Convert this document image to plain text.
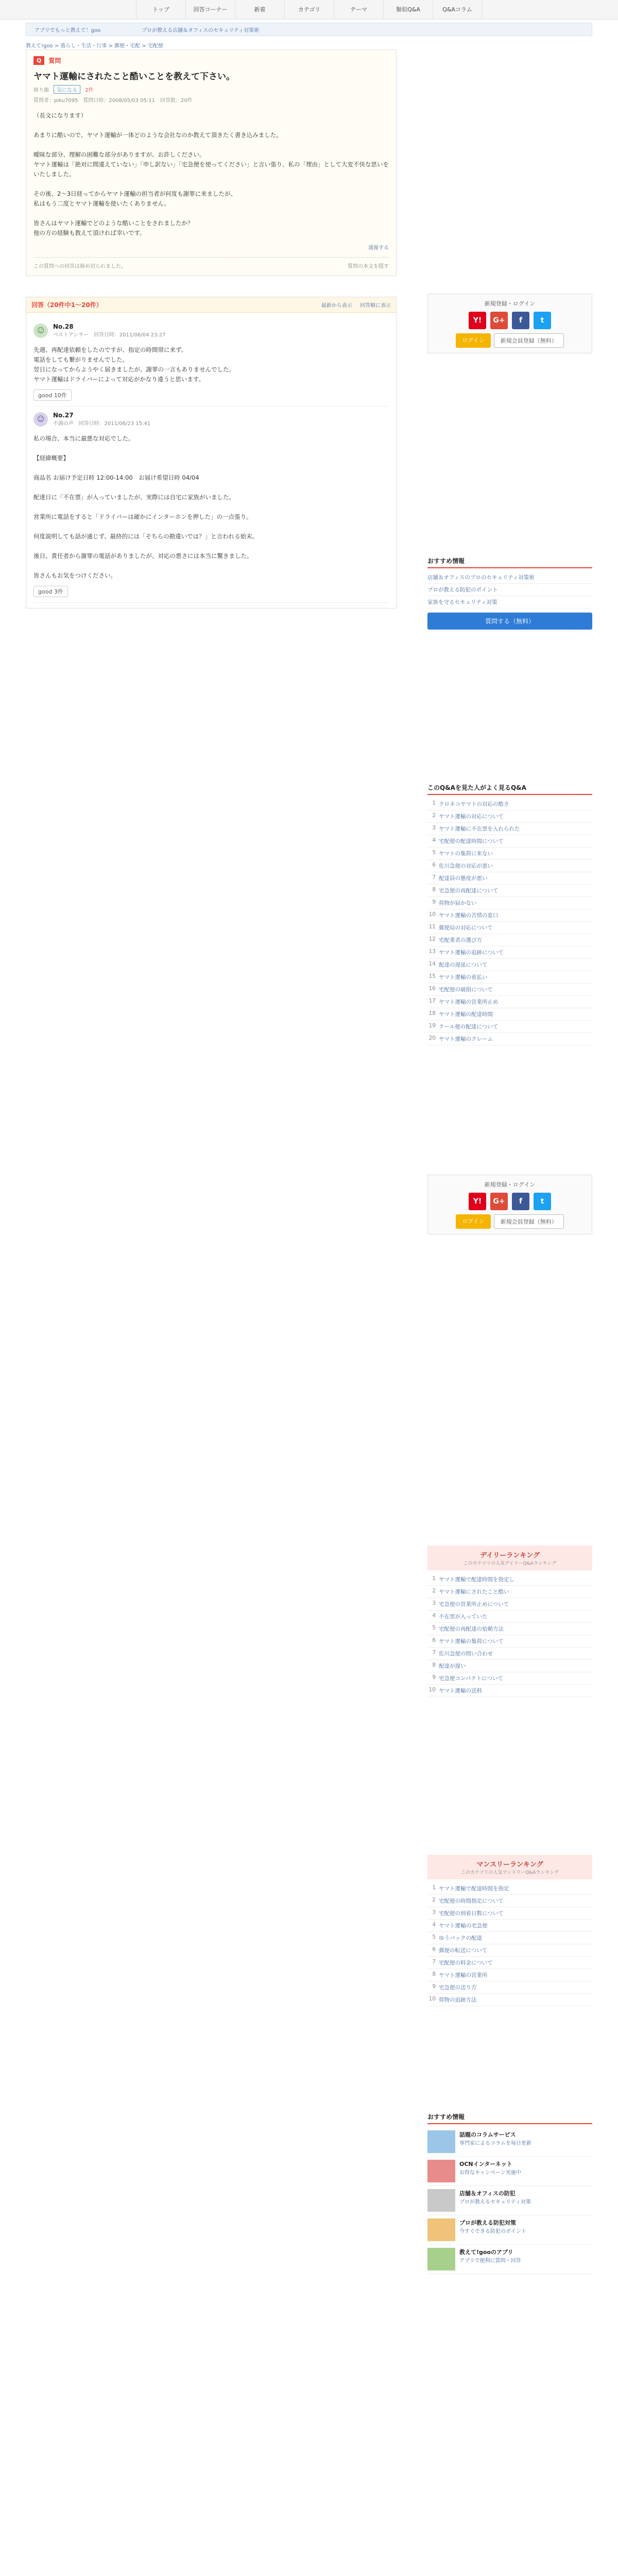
トップ	回答コーナー	新着	カテゴリ	テーマ	類似Q&A	Q&Aコラム
アプリでもっと教えて！goo	プロが教える店舗＆オフィスのセキュリティ対策術
教えて!goo > 暮らし・生活・行事 > 郵便・宅配 > 宅配便
Q	質問
ヤマト運輸にされたこと酷いことを教えて下さい。
困り顔 気になる 2件
質問者：piku7095　質問日時：2008/05/03 05:11　回答数：20件
（長文になります）

あまりに酷いので、ヤマト運輸が一体どのような会社なのか教えて頂きたく書き込みました。

曖昧な部分、理解の困難な部分がありますが、お許しください。
ヤマト運輸は「絶対に間違えていない」「申し訳ない」「宅急便を使ってください」と言い張り、私の「理由」として大変不快な思いをいたしました。

その後、2～3日経ってからヤマト運輸の担当者が何度も謝罪に来ましたが、
私はもう二度とヤマト運輸を使いたくありません。

皆さんはヤマト運輸でどのような酷いことをされましたか？
他の方の経験も教えて頂ければ幸いです。
通報する
この質問への回答は締め切られました。	質問の本文を隠す
回答（20件中1～20件）	最新から表示 回答順に表示
☺	No.28
ベストアンサー 回答日時：2011/06/04 23:27
先週、再配達依頼をしたのですが、指定の時間帯に来ず、
電話をしても繋がりませんでした。
翌日になってからようやく届きましたが、謝罪の一言もありませんでした。
ヤマト運輸はドライバーによって対応がかなり違うと思います。
good 10件
☺	No.27
不満の声 回答日時：2011/06/23 15:41
私の場合、本当に最悪な対応でした。

【経緯概要】

商品名 お届け予定日時 12:00-14:00　お届け希望日時 04/04

配達日に「不在票」が入っていましたが、実際には自宅に家族がいました。

営業所に電話をすると「ドライバーは確かにインターホンを押した」の一点張り。

何度説明しても話が通じず、最終的には「そちらの勘違いでは？」と言われる始末。

後日、責任者から謝罪の電話がありましたが、対応の悪さには本当に驚きました。

皆さんもお気をつけください。
good 3件
新規登録・ログイン
Y!	G+	f	t
ログイン	新規会員登録（無料）
おすすめ情報
店舗＆オフィスのプロのセキュリティ対策術
プロが教える防犯のポイント
家族を守るセキュリティ対策
質問する（無料）
このQ&Aを見た人がよく見るQ&A
1 クロネコヤマトの対応の酷さ
2 ヤマト運輸の対応について
3 ヤマト運輸に不在票を入れられた
4 宅配便の配達時間について
5 ヤマトの集荷に来ない
6 佐川急便の対応が悪い
7 配達員の態度が悪い
8 宅急便の再配達について
9 荷物が届かない
10 ヤマト運輸の苦情の窓口
11 郵便局の対応について
12 宅配業者の選び方
13 ヤマト運輸の追跡について
14 配達の遅延について
15 ヤマト運輸の着払い
16 宅配便の破損について
17 ヤマト運輸の営業所止め
18 ヤマト運輸の配達時間
19 クール便の配達について
20 ヤマト運輸のクレーム
新規登録・ログイン
Y!	G+	f	t
ログイン	新規会員登録（無料）
デイリーランキング
このカテゴリの人気デイリーQ&Aランキング
1 ヤマト運輸で配達時間を指定し
2 ヤマト運輸にされたこと酷い
3 宅急便の営業所止めについて
4 不在票が入っていた
5 宅配便の再配達の依頼方法
6 ヤマト運輸の集荷について
7 佐川急便の問い合わせ
8 配達が遅い
9 宅急便コンパクトについて
10 ヤマト運輸の送料
マンスリーランキング
このカテゴリの人気マンスリーQ&Aランキング
1 ヤマト運輸で配達時間を指定
2 宅配便の時間指定について
3 宅配便の到着日数について
4 ヤマト運輸の宅急便
5 ゆうパックの配達
6 郵便の転送について
7 宅配便の料金について
8 ヤマト運輸の営業所
9 宅急便の送り方
10 荷物の追跡方法
おすすめ情報
話題のコラムサービス
専門家によるコラムを毎日更新
OCNインターネット
お得なキャンペーン実施中
店舗＆オフィスの防犯
プロが教えるセキュリティ対策
プロが教える防犯対策
今すぐできる防犯のポイント
教えて!gooのアプリ
アプリで便利に質問・回答
